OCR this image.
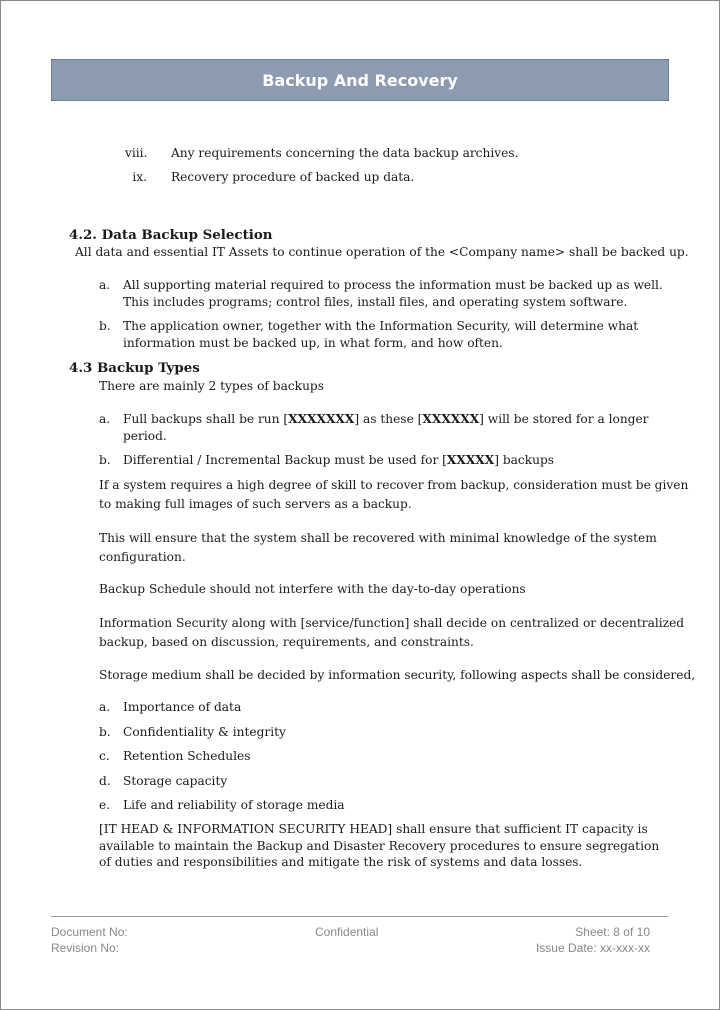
Backup And Recovery
viii. Any requirements concerning the data backup archives.
ix. Recovery procedure of backed up data.
4.2. Data Backup Selection
All data and essential IT Assets to continue operation of the <Company name> shall be backed up.
a. All supporting material required to process the information must be backed up as well.
This includes programs; control files, install files, and operating system software.
b. The application owner, together with the Information Security, will determine what
information must be backed up, in what form, and how often.
4.3 Backup Types
There are mainly 2 types of backups
a. Full backups shall be run [XXXXXXX] as these [XXXXXX] will be stored for a longer
period.
b. Differential / Incremental Backup must be used for [XXXXX] backups
If a system requires a high degree of skill to recover from backup, consideration must be given
to making full images of such servers as a backup.
This will ensure that the system shall be recovered with minimal knowledge of the system
configuration.
Backup Schedule should not interfere with the day-to-day operations
Information Security along with [service/function] shall decide on centralized or decentralized
backup, based on discussion, requirements, and constraints.
Storage medium shall be decided by information security, following aspects shall be considered,
a. Importance of data
b. Confidentiality & integrity
c. Retention Schedules
d. Storage capacity
e. Life and reliability of storage media
[IT HEAD & INFORMATION SECURITY HEAD] shall ensure that sufficient IT capacity is
available to maintain the Backup and Disaster Recovery procedures to ensure segregation
of duties and responsibilities and mitigate the risk of systems and data losses.
Document No:
Revision No:
Confidential	Sheet: 8 of 10
Issue Date: xx-xxx-xx
